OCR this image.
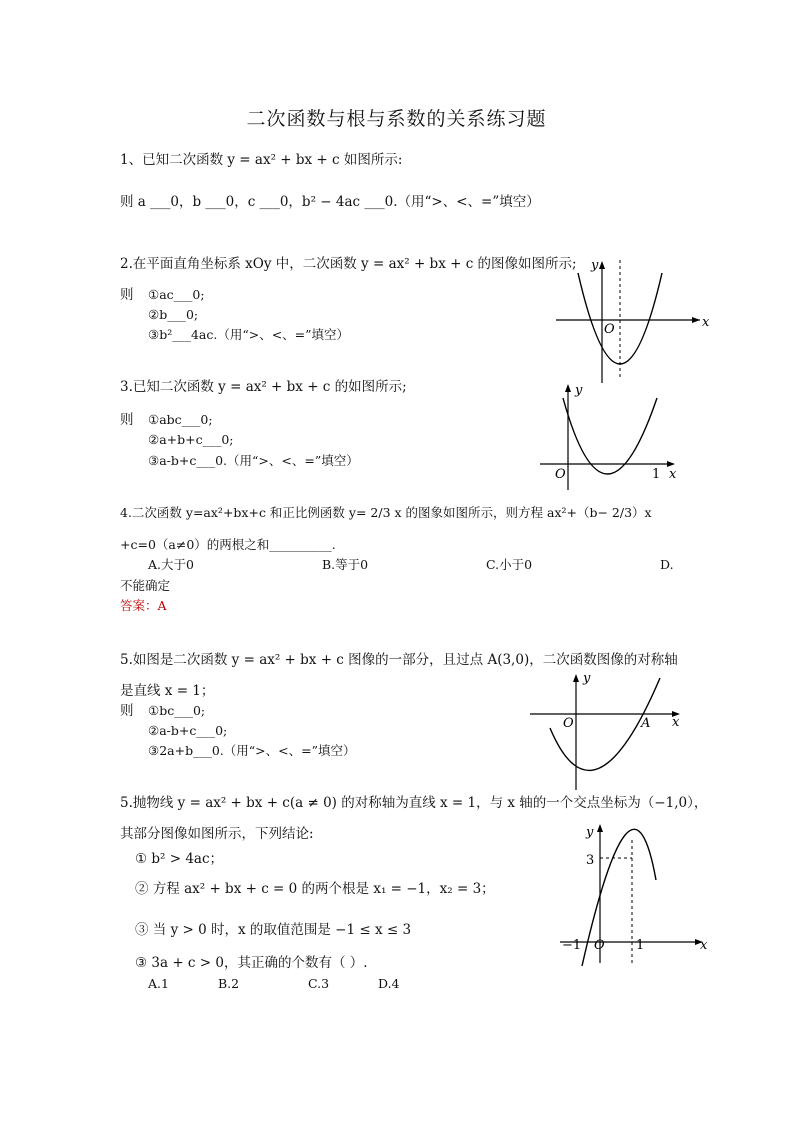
二次函数与根与系数的关系练习题
1、已知二次函数 y = ax² + bx + c 如图所示:
则 a ___0，b ___0，c ___0，b² − 4ac ___0.（用“>、<、=”填空）
2.在平面直角坐标系 xOy 中，二次函数 y = ax² + bx + c 的图像如图所示;
则 ①ac___0;
②b___0;
③b²___4ac.（用“>、<、=”填空）
x
y
O
3.已知二次函数 y = ax² + bx + c 的如图所示;
则 ①abc___0;
②a+b+c___0;
③a-b+c___0.（用“>、<、=”填空）
y
O	1 x
4.二次函数 y=ax²+bx+c 和正比例函数 y= 2/3 x 的图象如图所示，则方程 ax²+（b− 2/3）x
+c=0（a≠0）的两根之和__________.
A.大于0	B.等于0	C.小于0	D.
不能确定
答案：A
5.如图是二次函数 y = ax² + bx + c 图像的一部分，且过点 A(3,0)，二次函数图像的对称轴
是直线 x = 1；
则 ①bc___0;
②a-b+c___0;
③2a+b___0.（用“>、<、=”填空）
y
O	A x
5.抛物线 y = ax² + bx + c(a ≠ 0) 的对称轴为直线 x = 1，与 x 轴的一个交点坐标为（−1,0），
其部分图像如图所示，下列结论:
① b² > 4ac；
② 方程 ax² + bx + c = 0 的两个根是 x₁ = −1，x₂ = 3；
③ 当 y > 0 时，x 的取值范围是 −1 ≤ x ≤ 3
③ 3a + c > 0，其正确的个数有（ ）.
A.1	B.2	C.3	D.4
y
3
−1 O 1	x
